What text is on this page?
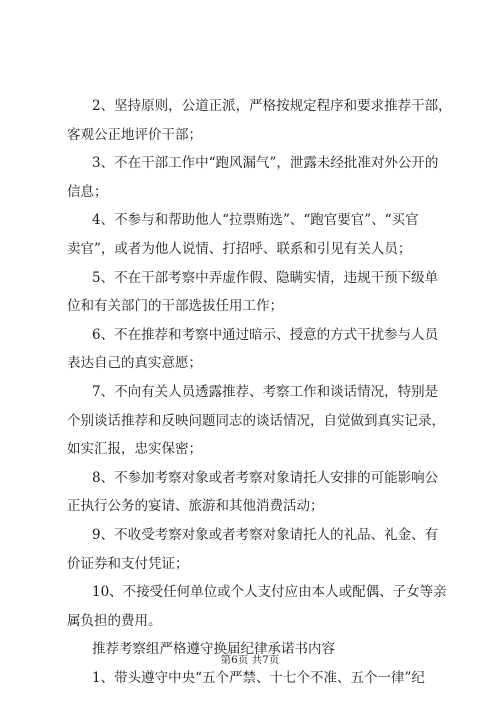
2、坚持原则，公道正派，严格按规定程序和要求推荐干部，
客观公正地评价干部；

3、不在干部工作中“跑风漏气”，泄露未经批准对外公开的
信息；

4、不参与和帮助他人“拉票贿选”、“跑官要官”、“买官
卖官”，或者为他人说情、打招呼、联系和引见有关人员；

5、不在干部考察中弄虚作假、隐瞒实情，违规干预下级单
位和有关部门的干部选拔任用工作；

6、不在推荐和考察中通过暗示、授意的方式干扰参与人员
表达自己的真实意愿；

7、不向有关人员透露推荐、考察工作和谈话情况，特别是
个别谈话推荐和反映问题同志的谈话情况，自觉做到真实记录，
如实汇报，忠实保密；

8、不参加考察对象或者考察对象请托人安排的可能影响公
正执行公务的宴请、旅游和其他消费活动；

9、不收受考察对象或者考察对象请托人的礼品、礼金、有
价证券和支付凭证；

10、不接受任何单位或个人支付应由本人或配偶、子女等亲
属负担的费用。

推荐考察组严格遵守换届纪律承诺书内容

1、带头遵守中央“五个严禁、十七个不准、五个一律”纪

第6页 共7页
